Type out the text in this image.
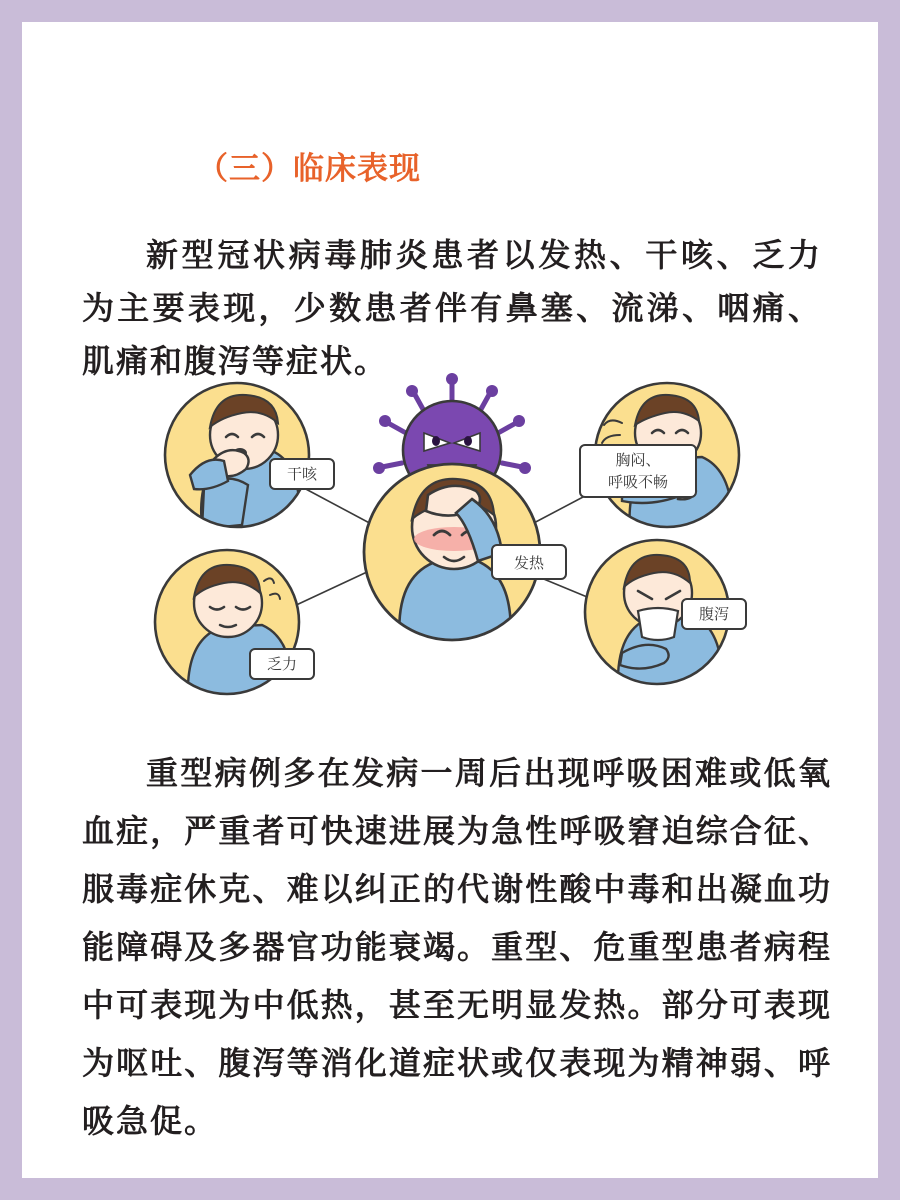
（三）临床表现

新型冠状病毒肺炎患者以发热、干咳、乏力为主要表现，少数患者伴有鼻塞、流涕、咽痛、肌痛和腹泻等症状。

干咳
胸闷、
呼吸不畅
发热
乏力
腹泻

重型病例多在发病一周后出现呼吸困难或低氧血症，严重者可快速进展为急性呼吸窘迫综合征、服毒症休克、难以纠正的代谢性酸中毒和出凝血功能障碍及多器官功能衰竭。重型、危重型患者病程中可表现为中低热，甚至无明显发热。部分可表现为呕吐、腹泻等消化道症状或仅表现为精神弱、呼吸急促。
